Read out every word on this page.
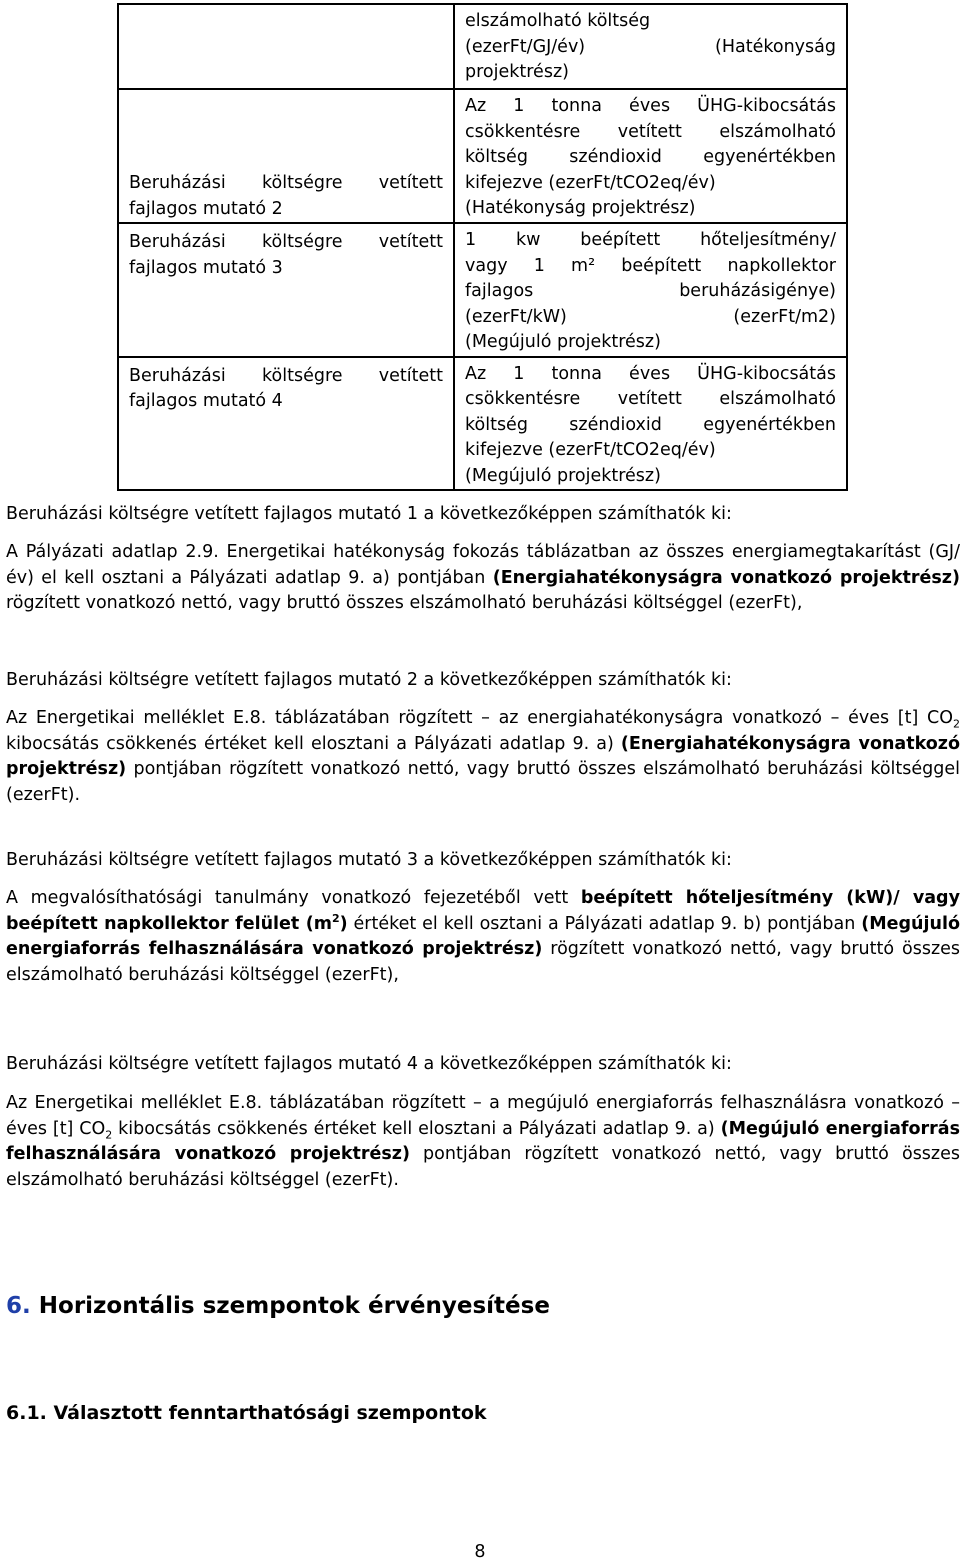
	elszámolható költség
(ezerFt/GJ/év) (Hatékonyság
projektrész)

Beruházási költségre vetített fajlagos mutató 2	Az 1 tonna éves ÜHG-kibocsátás
csökkentésre vetített elszámolható
költség széndioxid egyenértékben
kifejezve (ezerFt/tCO2eq/év)
(Hatékonyság projektrész)

Beruházási költségre vetített fajlagos mutató 3	1 kw beépített hőteljesítmény/
vagy 1 m² beépített napkollektor
fajlagos beruházásigénye)
(ezerFt/kW) (ezerFt/m2)
(Megújuló projektrész)

Beruházási költségre vetített fajlagos mutató 4	Az 1 tonna éves ÜHG-kibocsátás
csökkentésre vetített elszámolható
költség széndioxid egyenértékben
kifejezve (ezerFt/tCO2eq/év)
(Megújuló projektrész)
Beruházási költségre vetített fajlagos mutató 1 a következőképpen számíthatók ki:
A Pályázati adatlap 2.9. Energetikai hatékonyság fokozás táblázatban az összes energiamegtakarítást (GJ/év) el kell osztani a Pályázati adatlap 9. a) pontjában (Energiahatékonyságra vonatkozó projektrész) rögzített vonatkozó nettó, vagy bruttó összes elszámolható beruházási költséggel (ezerFt),
Beruházási költségre vetített fajlagos mutató 2 a következőképpen számíthatók ki:
Az Energetikai melléklet E.8. táblázatában rögzített – az energiahatékonyságra vonatkozó – éves [t] $CO_2$ kibocsátás csökkenés értéket kell elosztani a Pályázati adatlap 9. a) (Energiahatékonyságra vonatkozó projektrész) pontjában rögzített vonatkozó nettó, vagy bruttó összes elszámolható beruházási költséggel (ezerFt).
Beruházási költségre vetített fajlagos mutató 3 a következőképpen számíthatók ki:
A megvalósíthatósági tanulmány vonatkozó fejezetéből vett beépített hőteljesítmény (kW)/ vagy beépített napkollektor felület $(m^2)$ értéket el kell osztani a Pályázati adatlap 9. b) pontjában (Megújuló energiaforrás felhasználására vonatkozó projektrész) rögzített vonatkozó nettó, vagy bruttó összes elszámolható beruházási költséggel (ezerFt),
Beruházási költségre vetített fajlagos mutató 4 a következőképpen számíthatók ki:
Az Energetikai melléklet E.8. táblázatában rögzített – a megújuló energiaforrás felhasználásra vonatkozó – éves [t] $CO_2$ kibocsátás csökkenés értéket kell elosztani a Pályázati adatlap 9. a) (Megújuló energiaforrás felhasználására vonatkozó projektrész) pontjában rögzített vonatkozó nettó, vagy bruttó összes elszámolható beruházási költséggel (ezerFt).
6. Horizontális szempontok érvényesítése
6.1. Választott fenntarthatósági szempontok
8
